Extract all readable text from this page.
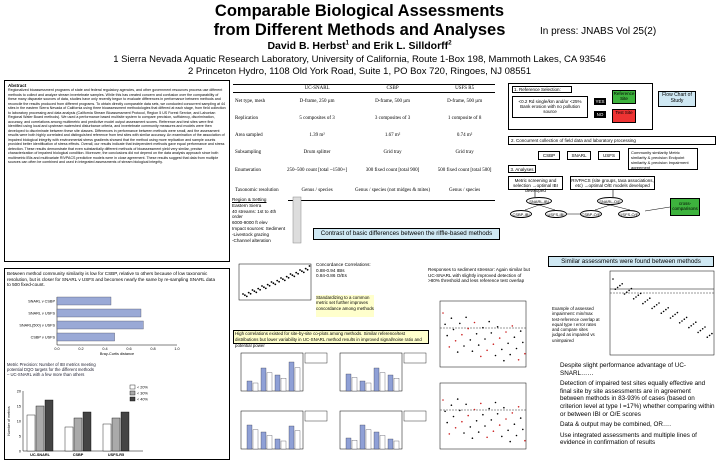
Comparable Biological Assessments
from Different Methods and Analyses	In press: JNABS Vol 25(2)
David B. Herbst$^1$ and Erik L. Silldorff$^2$
1 Sierra Nevada Aquatic Research Laboratory, University of California, Route 1-Box 198, Mammoth Lakes, CA 93546
2 Princeton Hydro, 1108 Old York Road, Suite 1, PO Box 720, Ringoes, NJ 08551
Abstract
Regionalized bioassessment programs of state and federal regulatory agencies, and other government resources process use different methods to collect and analyze stream invertebrate samples. While this has created concern and confusion over the comparability of these many disparate sources of data, studies have only recently begun to evaluate differences in performance between methods and reconcile the results produced from different programs. To obtain directly comparable data sets, we conducted concurrent sampling at 44 sites in the eastern Sierra Nevada of California using three bioassessment methodologies that differed at each stage, from field collection to laboratory processing and data analysis (California Stream Bioassessment Protocol, Region 5 US Forest Service, and Lahontan Regional Water Board methods). We used a performance based multisite system to compare precision, sufficiency, discrimination, accuracy, and correlations among multimetric and predictive model output assessment scores. Reference and test sites were first identified using local and upstream watershed disturbance criteria, and invertebrate community measures and models were then developed to discriminate between these site classes. Differences in performance between methods were small, and the assessment results were both highly correlated and distinguished reference from test sites with similar accuracy. An examination of the association of impaired biological integrity with environmental stress gradients showed that the method using more replication and sample counts provided better identification of stress effects. Overall, our results indicate that independent methods gave equal performance and stress detection. These results demonstrate that even substantially different methods of bioassessment yield very similar, precise characterization of impaired biological condition. Moreover, the conclusions did not depend on the data analysis approach since both multimetric IBIs and multivariate RIVPACS predictive models were in close agreement. These results suggest that data from multiple sources can often be combined and used in integrated assessments of stream biological integrity.
	UC-SNARL	CSBP	USFS R5
Net type, mesh	D-frame, 250 µm	D-frame, 500 µm	D-frame, 500 µm
Replication	5 composites of 3	3 composites of 3	1 composite of 8
Area sampled	1.39 m²	1.67 m²	0.74 m²
Subsampling	Drum splitter	Grid tray	Grid tray
Enumeration	250–500 count [total ~1500+]	300 fixed count [total 900]	500 fixed count [total 500]
Taxonomic resolution	Genus / species	Genus / species (not midges & mites)	Genus / species
Region & Setting
Eastern Sierra
40 streams: 1st to 4th order
6000-9000 ft elev
Impact sources: Sediment
-Livestock grazing
-Channel alteration
Contrast of basic differences between the riffle-based methods
1. Reference Selection:
<0.2 Rd single/km and/or <25% Bank erosion with no pollution source
YES
NO
Reference Site
Test Site
Flow Chart of Study
2. Concurrent collection of field data and laboratory processing
CSBP	SNARL	USFS
Community similarity Metric similarity & precision Endpoint similarity & precision Impairment agreement
3. Analyses
Metric screening and selection →optimal IBI developed
RIVPACS (site groups, taxa associations, etc) →optimal O/E models developed
SNARL-IBI
CSBP-IBI	USFS-IBI
SNARL-O/E
CSBP-O/E	USFS-O/E
cross-comparisons
Between method community similarity is low for CSBP, relative to others because of low taxonomic resolution, but is closer for SNARL v USFS and becomes nearly the same by re-sampling SNARL data to 500 fixed-count.
SNARL v CSBP
SNARL v USFS
SNARL(500) v USFS
CSBP v USFS
0.0	0.2	0.4	0.6	0.8	1.0
Bray-Curtis distance
Metric Precision: Number of IBI metrics meeting potential DQO targets for the different methods – UC-SNARL with a few more than others
0
5
10
15
20
Number of metrics
UC-SNARL	CSBP	USFS-R5
< 20%
< 30%
< 40%
Concordance Correlations:
0.88-0.94 IBIs
0.84-0.86 O/Es
Standardizing to a common metric set further improves concordance among methods
High correlations existed for site-by-site co-plots among methods. Similar reference/test distributions but lower variability in UC-SNARL method results in improved signal/noise ratio and potential power
Responses to sediment stressor: Again similar but UC-SNARL with slightly improved detection of >80% threshold and less reference test overlap
Similar assessments were found between methods
Example of assessed impairment: min/max test-reference overlap at equal type I error rates and compare sites judged as impaired vs unimpaired

Despite slight performance advantage of UC-SNARL……

Detection of impaired test sites equally effective and final site by site assessments are in agreement between methods in 83-93% of cases (based on criterion level at type I =17%) whether comparing within or between IBI or O/E scores

Data & output may be combined, OR….

Use integrated assessments and multiple lines of evidence in confirmation of results
